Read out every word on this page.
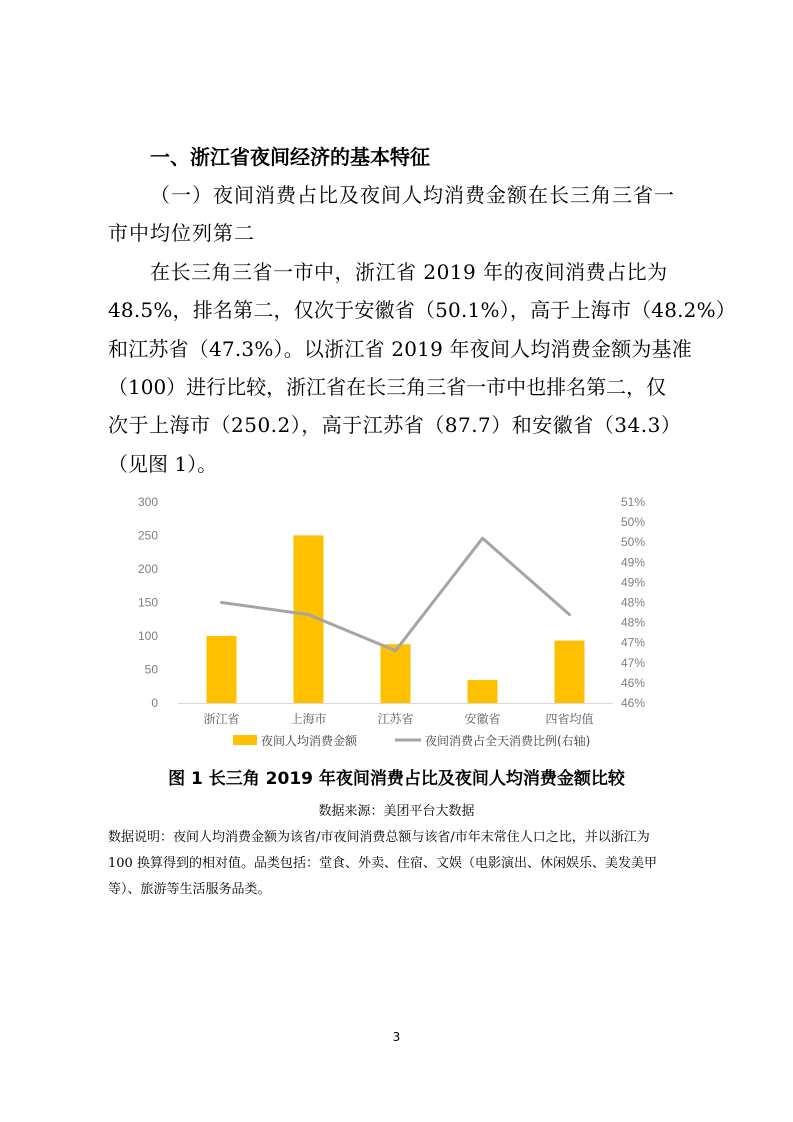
一、浙江省夜间经济的基本特征
（一）夜间消费占比及夜间人均消费金额在长三角三省一
市中均位列第二
在长三角三省一市中，浙江省 2019 年的夜间消费占比为
48.5%，排名第二，仅次于安徽省（50.1%），高于上海市（48.2%）
和江苏省（47.3%）。以浙江省 2019 年夜间人均消费金额为基准
（100）进行比较，浙江省在长三角三省一市中也排名第二，仅
次于上海市（250.2），高于江苏省（87.7）和安徽省（34.3）
（见图 1）。
0
50
100
150
200
250
300
46%
46%
47%
47%
48%
48%
49%
49%
50%
50%
51%
浙江省	上海市	江苏省	安徽省	四省均值
夜间人均消费金额	夜间消费占全天消费比例(右轴)
图 1 长三角 2019 年夜间消费占比及夜间人均消费金额比较
数据来源：美团平台大数据
数据说明：夜间人均消费金额为该省/市夜间消费总额与该省/市年末常住人口之比，并以浙江为
100 换算得到的相对值。品类包括：堂食、外卖、住宿、文娱（电影演出、休闲娱乐、美发美甲
等）、旅游等生活服务品类。
3
